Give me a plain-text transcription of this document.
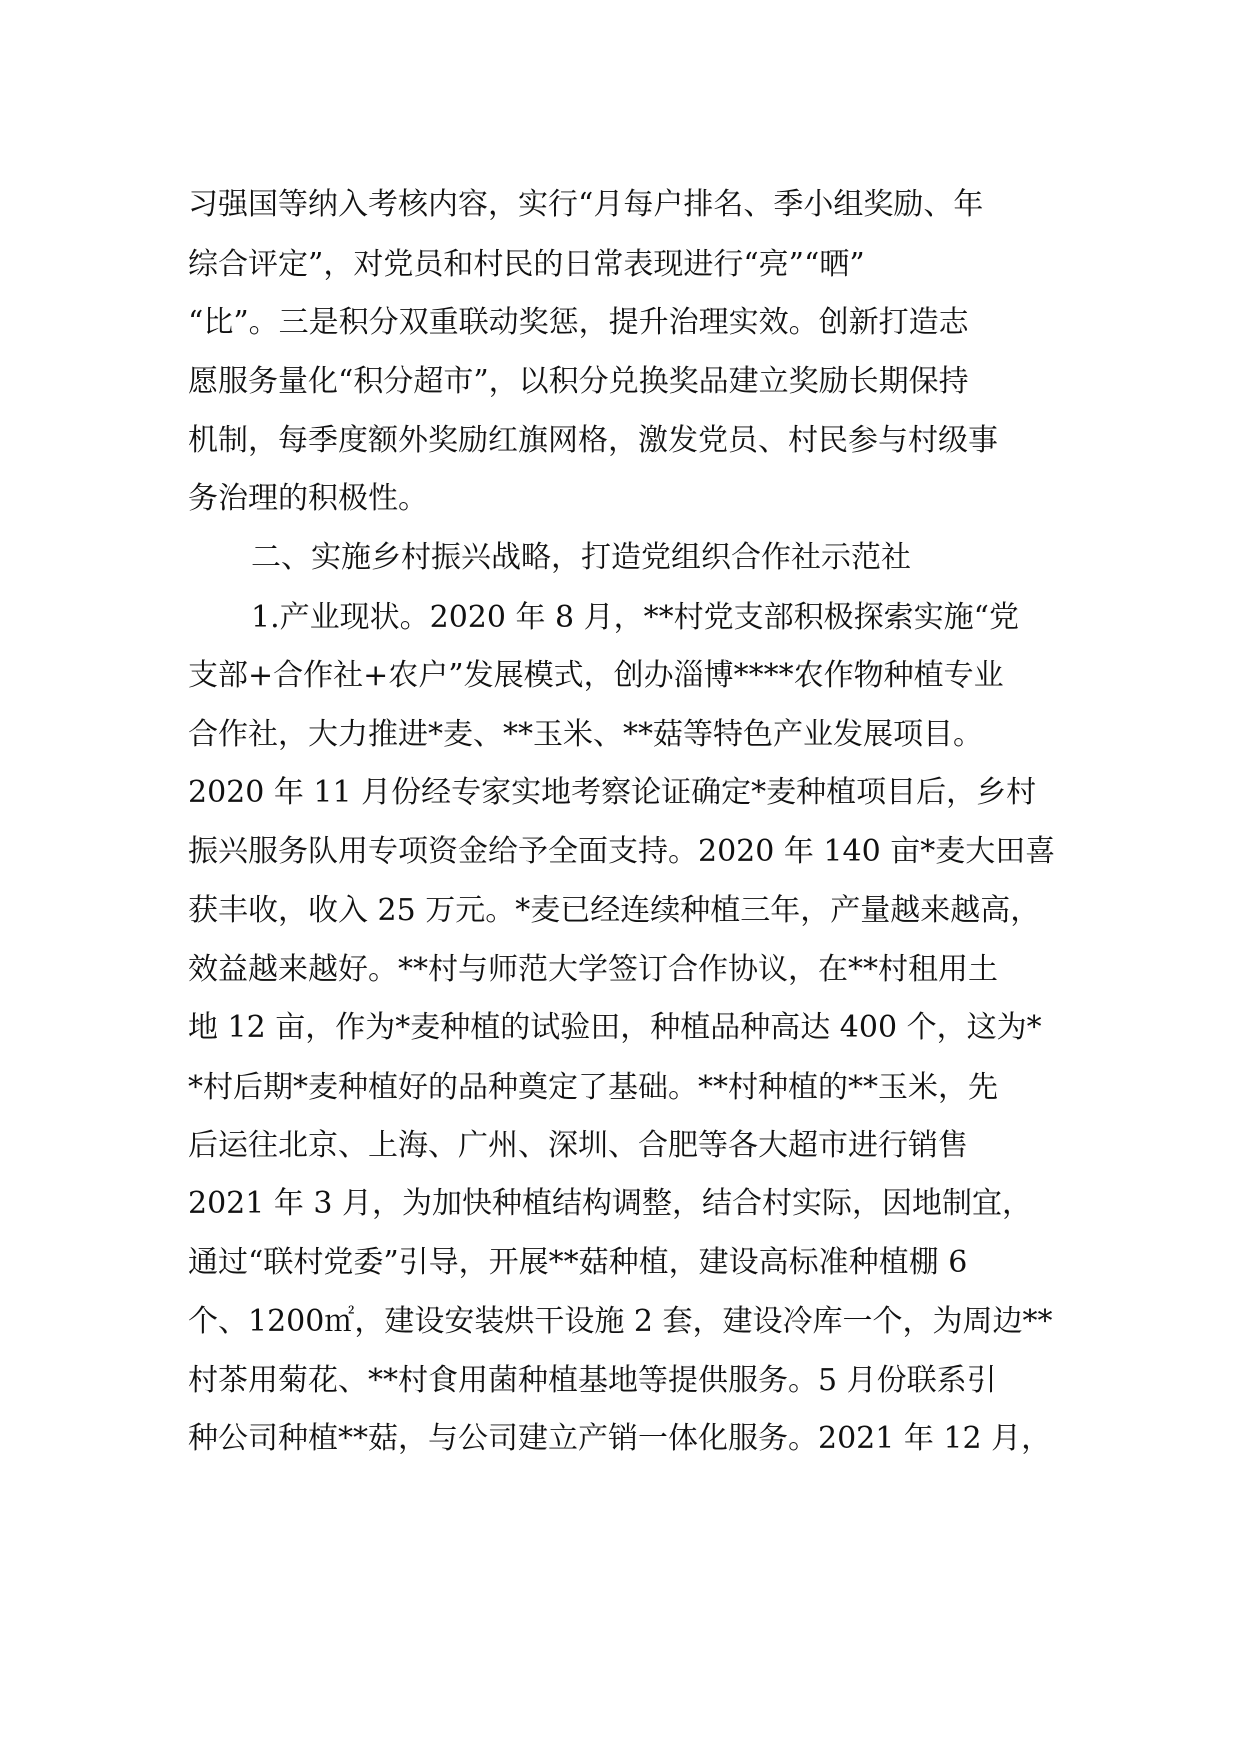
习强国等纳入考核内容，实行“月每户排名、季小组奖励、年
综合评定”，对党员和村民的日常表现进行“亮”“晒”
“比”。三是积分双重联动奖惩，提升治理实效。创新打造志
愿服务量化“积分超市”，以积分兑换奖品建立奖励长期保持
机制，每季度额外奖励红旗网格，激发党员、村民参与村级事
务治理的积极性。
二、实施乡村振兴战略，打造党组织合作社示范社
1.产业现状。2020 年 8 月，**村党支部积极探索实施“党
支部+合作社+农户”发展模式，创办淄博****农作物种植专业
合作社，大力推进*麦、**玉米、**菇等特色产业发展项目。
2020 年 11 月份经专家实地考察论证确定*麦种植项目后，乡村
振兴服务队用专项资金给予全面支持。2020 年 140 亩*麦大田喜
获丰收，收入 25 万元。*麦已经连续种植三年，产量越来越高，
效益越来越好。**村与师范大学签订合作协议，在**村租用土
地 12 亩，作为*麦种植的试验田，种植品种高达 400 个，这为*
*村后期*麦种植好的品种奠定了基础。**村种植的**玉米，先
后运往北京、上海、广州、深圳、合肥等各大超市进行销售
2021 年 3 月，为加快种植结构调整，结合村实际，因地制宜，
通过“联村党委”引导，开展**菇种植，建设高标准种植棚 6
个、1200㎡，建设安装烘干设施 2 套，建设冷库一个，为周边**
村茶用菊花、**村食用菌种植基地等提供服务。5 月份联系引
种公司种植**菇，与公司建立产销一体化服务。2021 年 12 月，
